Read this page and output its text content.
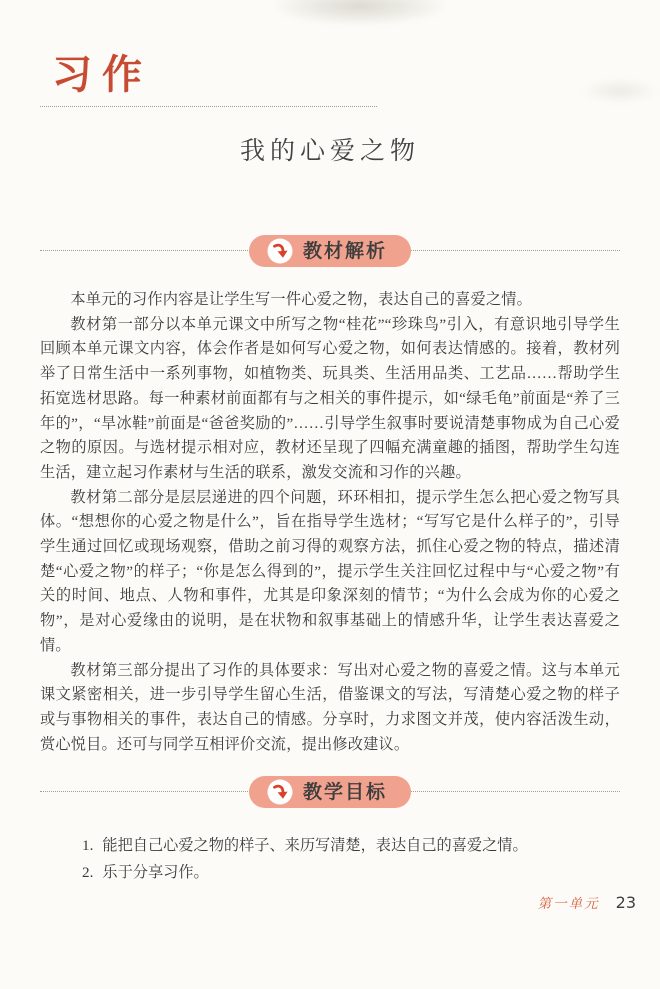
习作
我的心爱之物
教材解析

本单元的习作内容是让学生写一件心爱之物，表达自己的喜爱之情。

教材第一部分以本单元课文中所写之物“桂花”“珍珠鸟”引入，有意识地引导学生回顾本单元课文内容，体会作者是如何写心爱之物，如何表达情感的。接着，教材列举了日常生活中一系列事物，如植物类、玩具类、生活用品类、工艺品……帮助学生拓宽选材思路。每一种素材前面都有与之相关的事件提示，如“绿毛龟”前面是“养了三年的”，“旱冰鞋”前面是“爸爸奖励的”……引导学生叙事时要说清楚事物成为自己心爱之物的原因。与选材提示相对应，教材还呈现了四幅充满童趣的插图，帮助学生勾连生活，建立起习作素材与生活的联系，激发交流和习作的兴趣。

教材第二部分是层层递进的四个问题，环环相扣，提示学生怎么把心爱之物写具体。“想想你的心爱之物是什么”，旨在指导学生选材；“写写它是什么样子的”，引导学生通过回忆或现场观察，借助之前习得的观察方法，抓住心爱之物的特点，描述清楚“心爱之物”的样子；“你是怎么得到的”，提示学生关注回忆过程中与“心爱之物”有关的时间、地点、人物和事件，尤其是印象深刻的情节；“为什么会成为你的心爱之物”，是对心爱缘由的说明，是在状物和叙事基础上的情感升华，让学生表达喜爱之情。

教材第三部分提出了习作的具体要求：写出对心爱之物的喜爱之情。这与本单元课文紧密相关，进一步引导学生留心生活，借鉴课文的写法，写清楚心爱之物的样子或与事物相关的事件，表达自己的情感。分享时，力求图文并茂，使内容活泼生动，赏心悦目。还可与同学互相评价交流，提出修改建议。

教学目标
1. 能把自己心爱之物的样子、来历写清楚，表达自己的喜爱之情。
2. 乐于分享习作。
第一单元 23
